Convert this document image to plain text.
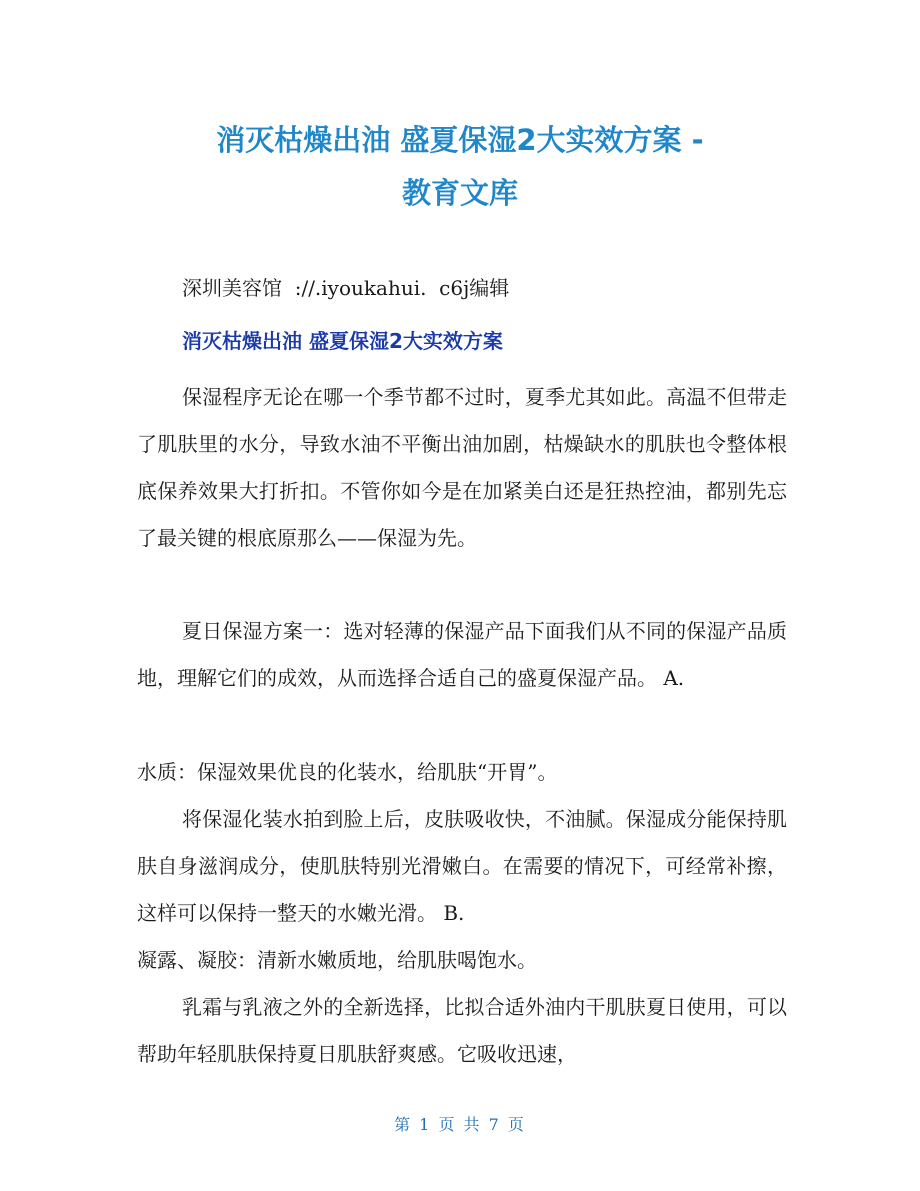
消灭枯燥出油 盛夏保湿2大实效方案 -
教育文库
深圳美容馆  ://.iyoukahui.  c6j编辑
消灭枯燥出油 盛夏保湿2大实效方案

保湿程序无论在哪一个季节都不过时，夏季尤其如此。高温不但带走了肌肤里的水分，导致水油不平衡出油加剧，枯燥缺水的肌肤也令整体根底保养效果大打折扣。不管你如今是在加紧美白还是狂热控油，都别先忘了最关键的根底原那么——保湿为先。

夏日保湿方案一：选对轻薄的保湿产品下面我们从不同的保湿产品质地，理解它们的成效，从而选择合适自己的盛夏保湿产品。 A.

水质：保湿效果优良的化装水，给肌肤“开胃”。

将保湿化装水拍到脸上后，皮肤吸收快，不油腻。保湿成分能保持肌肤自身滋润成分，使肌肤特别光滑嫩白。在需要的情况下，可经常补擦，这样可以保持一整天的水嫩光滑。 B.

凝露、凝胶：清新水嫩质地，给肌肤喝饱水。

乳霜与乳液之外的全新选择，比拟合适外油内干肌肤夏日使用，可以帮助年轻肌肤保持夏日肌肤舒爽感。它吸收迅速，

第 1 页 共 7 页
